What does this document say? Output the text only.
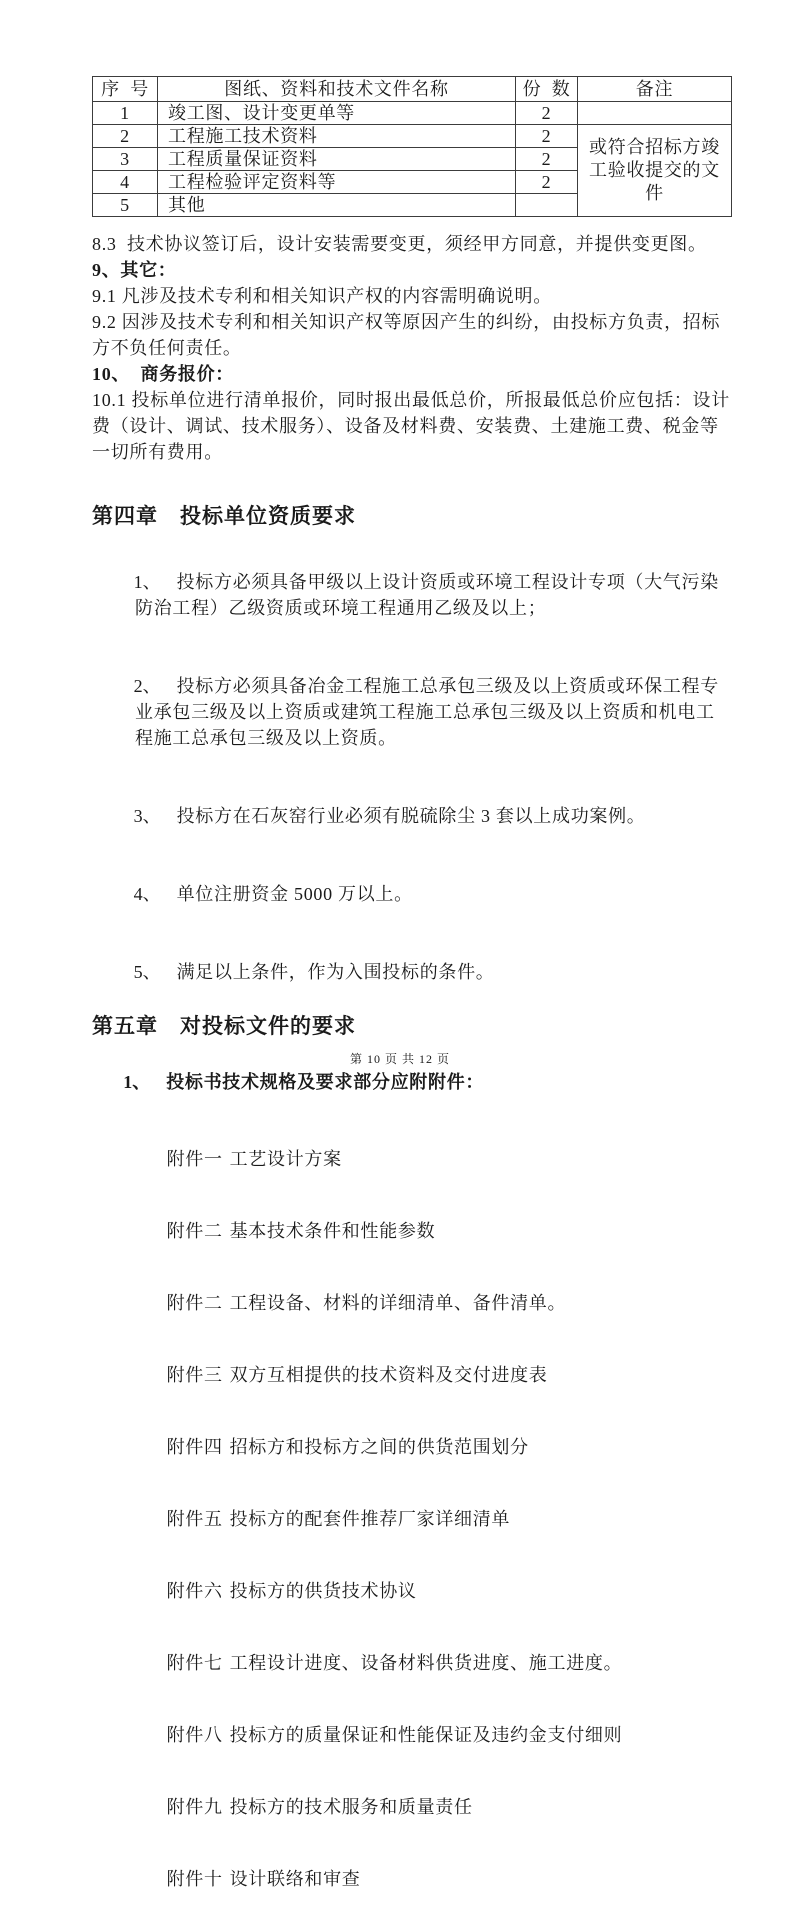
序  号	图纸、资料和技术文件名称	份  数	备注
1	竣工图、设计变更单等	2	
2	工程施工技术资料	2	或符合招标方竣工验收提交的文件
3	工程质量保证资料	2	
4	工程检验评定资料等	2	
5	其他		

8.3  技术协议签订后，设计安装需要变更，须经甲方同意，并提供变更图。

9、其它：

9.1 凡涉及技术专利和相关知识产权的内容需明确说明。

9.2 因涉及技术专利和相关知识产权等原因产生的纠纷，由投标方负责，招标方不负任何责任。

10、  商务报价：

10.1 投标单位进行清单报价，同时报出最低总价，所报最低总价应包括：设计费（设计、调试、技术服务）、设备及材料费、安装费、土建施工费、税金等一切所有费用。

第四章　投标单位资质要求

1、 投标方必须具备甲级以上设计资质或环境工程设计专项（大气污染防治工程）乙级资质或环境工程通用乙级及以上；

2、 投标方必须具备冶金工程施工总承包三级及以上资质或环保工程专业承包三级及以上资质或建筑工程施工总承包三级及以上资质和机电工程施工总承包三级及以上资质。

3、 投标方在石灰窑行业必须有脱硫除尘 3 套以上成功案例。

4、 单位注册资金 5000 万以上。

5、 满足以上条件，作为入围投标的条件。

第五章　对投标文件的要求

1、 投标书技术规格及要求部分应附附件：

附件一 工艺设计方案

附件二 基本技术条件和性能参数

附件二 工程设备、材料的详细清单、备件清单。

附件三 双方互相提供的技术资料及交付进度表

附件四 招标方和投标方之间的供货范围划分

附件五 投标方的配套件推荐厂家详细清单

附件六 投标方的供货技术协议

附件七 工程设计进度、设备材料供货进度、施工进度。

附件八 投标方的质量保证和性能保证及违约金支付细则

附件九 投标方的技术服务和质量责任

附件十 设计联络和审查

第 10 页 共 12 页
